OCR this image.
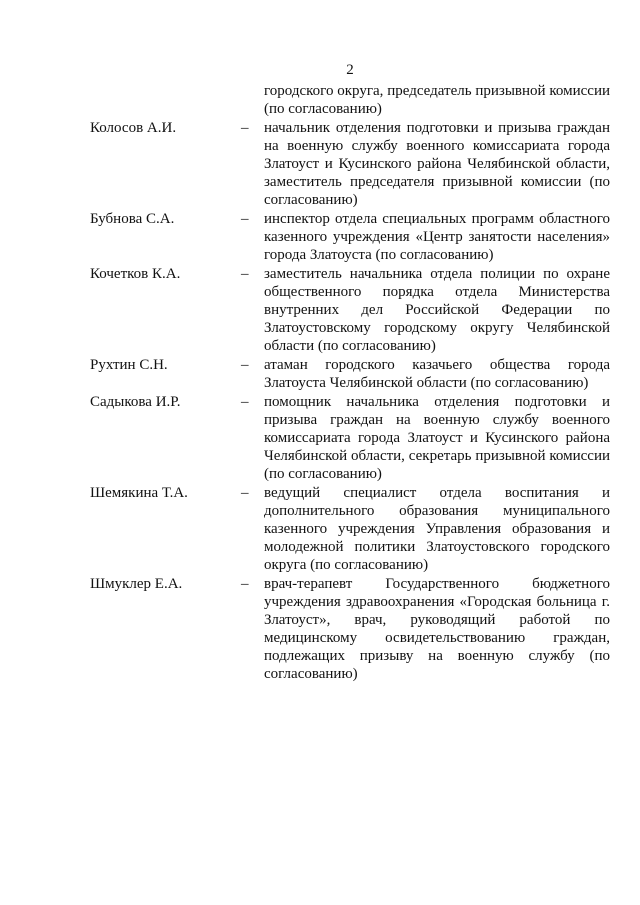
2
городского округа, председатель призывной комиссии (по согласованию)
Колосов А.И.	– начальник отделения подготовки и призыва граждан на военную службу военного комиссариата города Златоуст и Кусинского района Челябинской области, заместитель председателя призывной комиссии (по согласованию)
Бубнова С.А.	– инспектор отдела специальных программ областного казенного учреждения «Центр занятости населения» города Златоуста (по согласованию)
Кочетков К.А.	– заместитель начальника отдела полиции по охране общественного порядка отдела Министерства внутренних дел Российской Федерации по Златоустовскому городскому округу Челябинской области (по согласованию)
Рухтин С.Н.	– атаман городского казачьего общества города Златоуста Челябинской области (по согласованию)
Садыкова И.Р.	– помощник начальника отделения подготовки и призыва граждан на военную службу военного комиссариата города Златоуст и Кусинского района Челябинской области, секретарь призывной комиссии (по согласованию)
Шемякина Т.А.	– ведущий специалист отдела воспитания и дополнительного образования муниципального казенного учреждения Управления образования и молодежной политики Златоустовского городского округа (по согласованию)
Шмуклер Е.А.	– врач-терапевт Государственного бюджетного учреждения здравоохранения «Городская больница г. Златоуст», врач, руководящий работой по медицинскому освидетельствованию граждан, подлежащих призыву на военную службу (по согласованию)
